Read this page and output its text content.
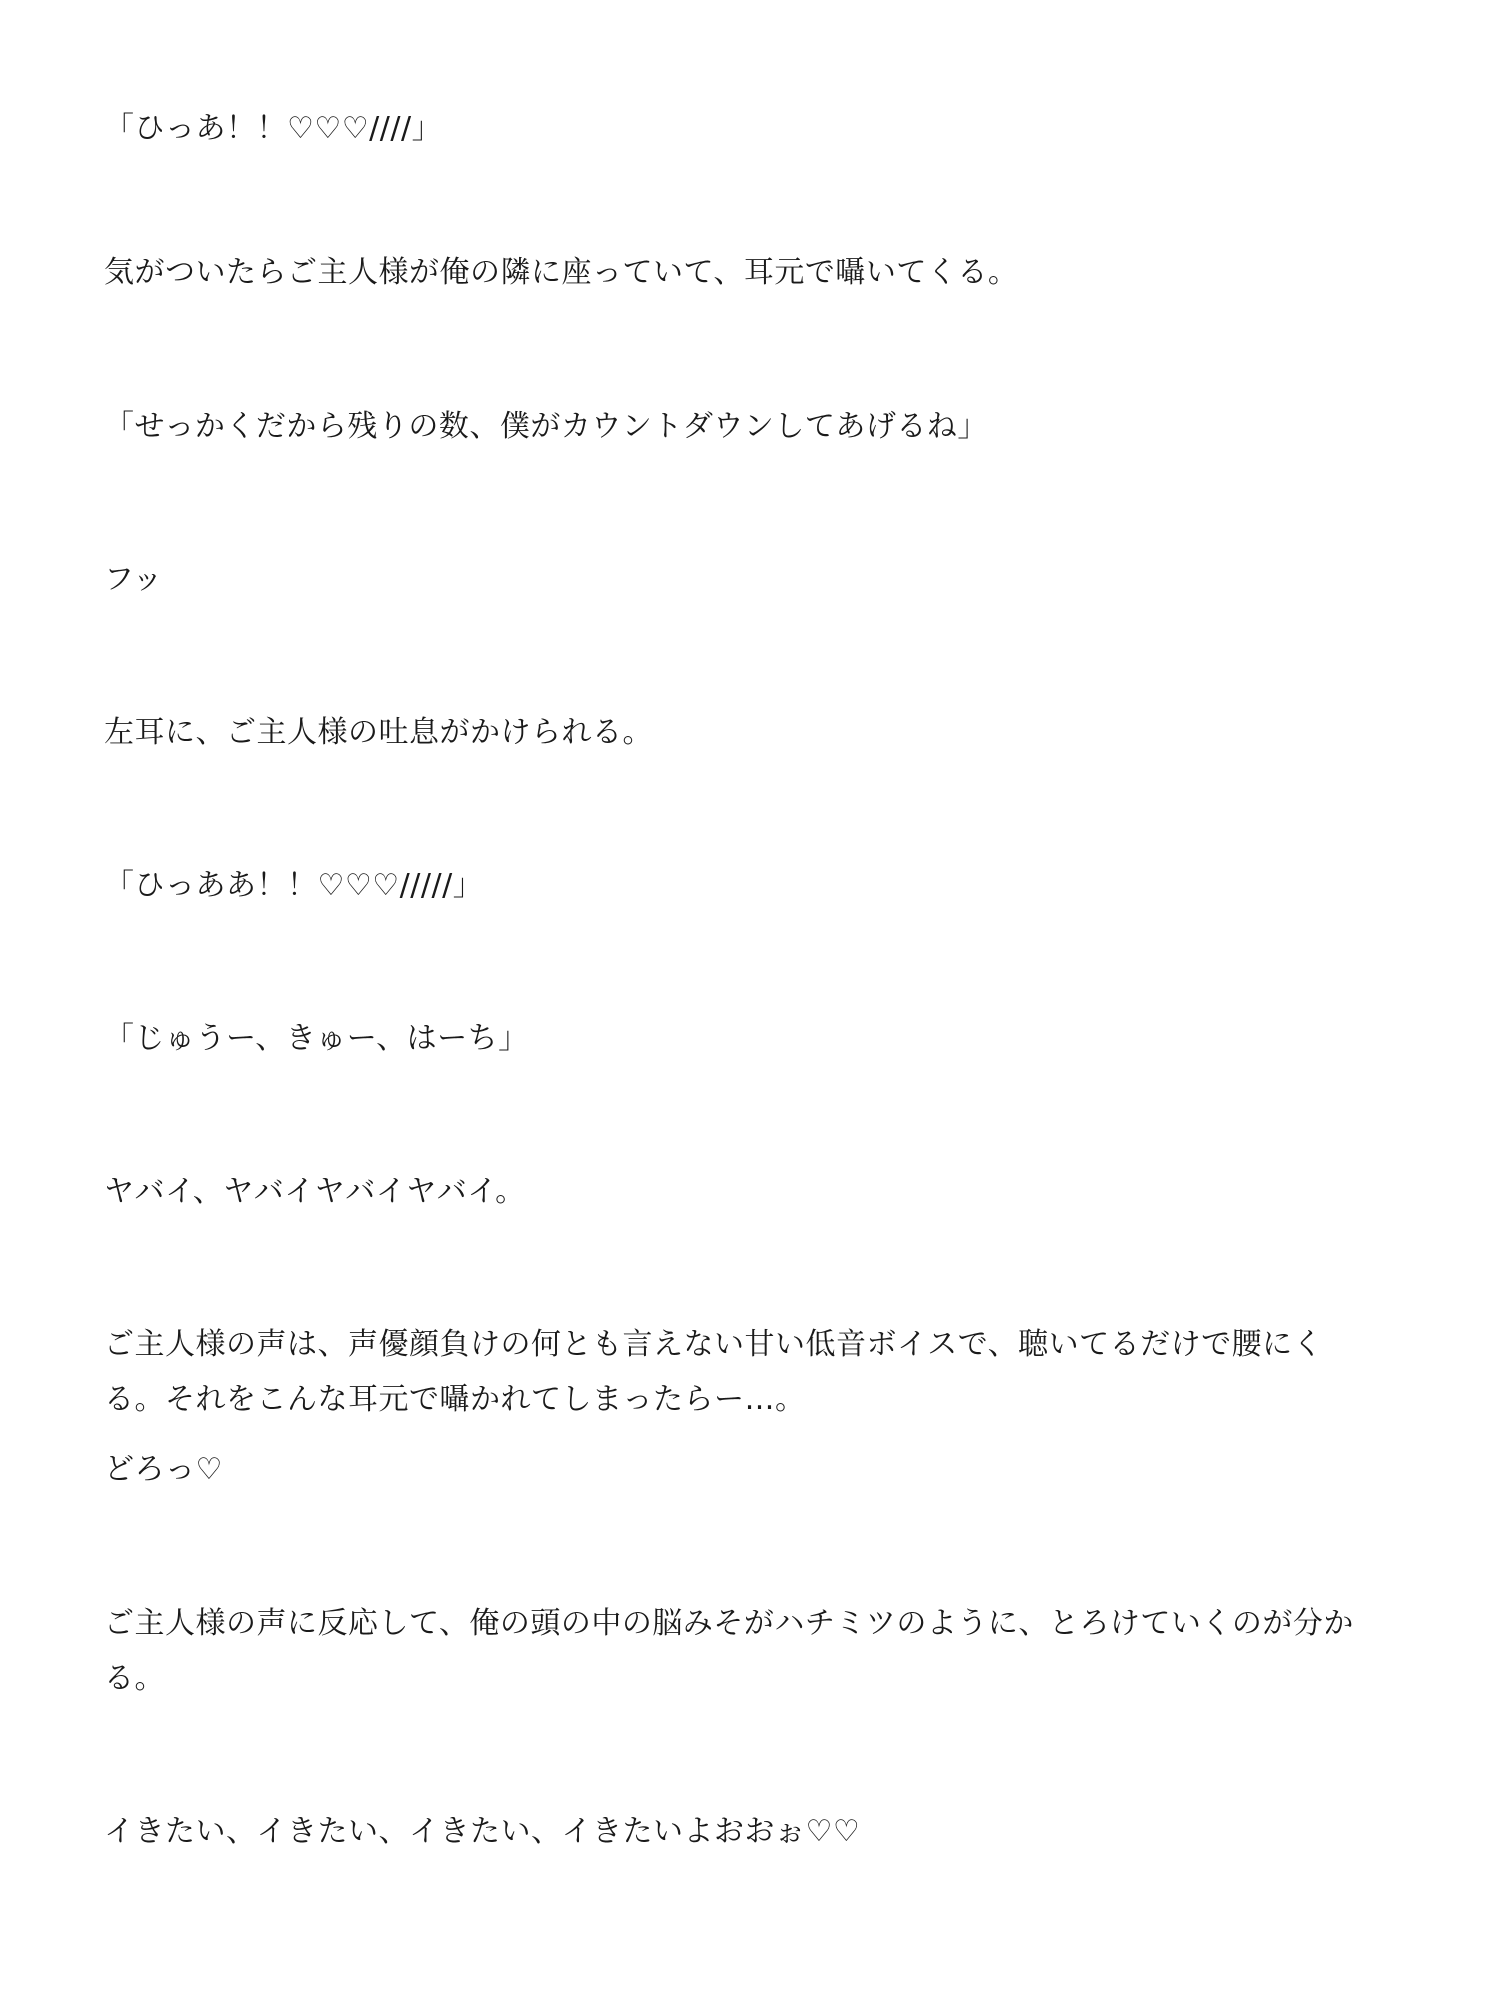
「ひっあ！！♡♡♡////」

気がついたらご主人様が俺の隣に座っていて、耳元で囁いてくる。

「せっかくだから残りの数、僕がカウントダウンしてあげるね」

フッ

左耳に、ご主人様の吐息がかけられる。

「ひっああ！！♡♡♡/////」

「じゅうー、きゅー、はーち」

ヤバイ、ヤバイヤバイヤバイ。

ご主人様の声は、声優顔負けの何とも言えない甘い低音ボイスで、聴いてるだけで腰にく

る。それをこんな耳元で囁かれてしまったらー…。

どろっ♡

ご主人様の声に反応して、俺の頭の中の脳みそがハチミツのように、とろけていくのが分か

る。

イきたい、イきたい、イきたい、イきたいよおおぉ♡♡
